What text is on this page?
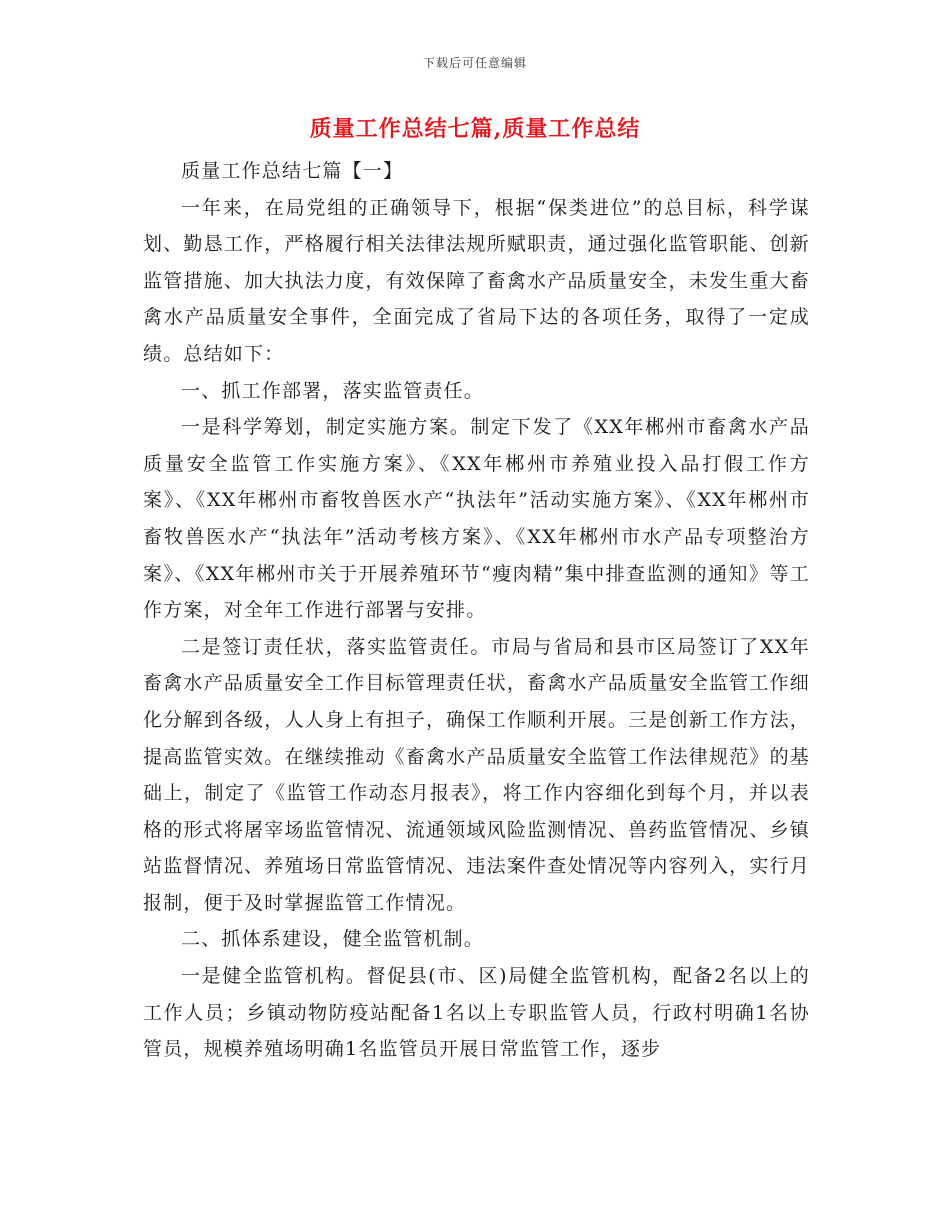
下载后可任意编辑
质量工作总结七篇,质量工作总结

质量工作总结七篇【一】

一年来，在局党组的正确领导下，根据“保类进位”的总目标，科学谋划、勤恳工作，严格履行相关法律法规所赋职责，通过强化监管职能、创新监管措施、加大执法力度，有效保障了畜禽水产品质量安全，未发生重大畜禽水产品质量安全事件，全面完成了省局下达的各项任务，取得了一定成绩。总结如下：

一、抓工作部署，落实监管责任。

一是科学筹划，制定实施方案。制定下发了《XX年郴州市畜禽水产品质量安全监管工作实施方案》、《XX年郴州市养殖业投入品打假工作方案》、《XX年郴州市畜牧兽医水产“执法年”活动实施方案》、《XX年郴州市畜牧兽医水产“执法年”活动考核方案》、《XX年郴州市水产品专项整治方案》、《XX年郴州市关于开展养殖环节“瘦肉精”集中排查监测的通知》等工作方案，对全年工作进行部署与安排。

二是签订责任状，落实监管责任。市局与省局和县市区局签订了XX年畜禽水产品质量安全工作目标管理责任状，畜禽水产品质量安全监管工作细化分解到各级，人人身上有担子，确保工作顺利开展。三是创新工作方法，提高监管实效。在继续推动《畜禽水产品质量安全监管工作法律规范》的基础上，制定了《监管工作动态月报表》，将工作内容细化到每个月，并以表格的形式将屠宰场监管情况、流通领域风险监测情况、兽药监管情况、乡镇站监督情况、养殖场日常监管情况、违法案件查处情况等内容列入，实行月报制，便于及时掌握监管工作情况。

二、抓体系建设，健全监管机制。

一是健全监管机构。督促县(市、区)局健全监管机构，配备2名以上的工作人员；乡镇动物防疫站配备1名以上专职监管人员，行政村明确1名协管员，规模养殖场明确1名监管员开展日常监管工作，逐步
